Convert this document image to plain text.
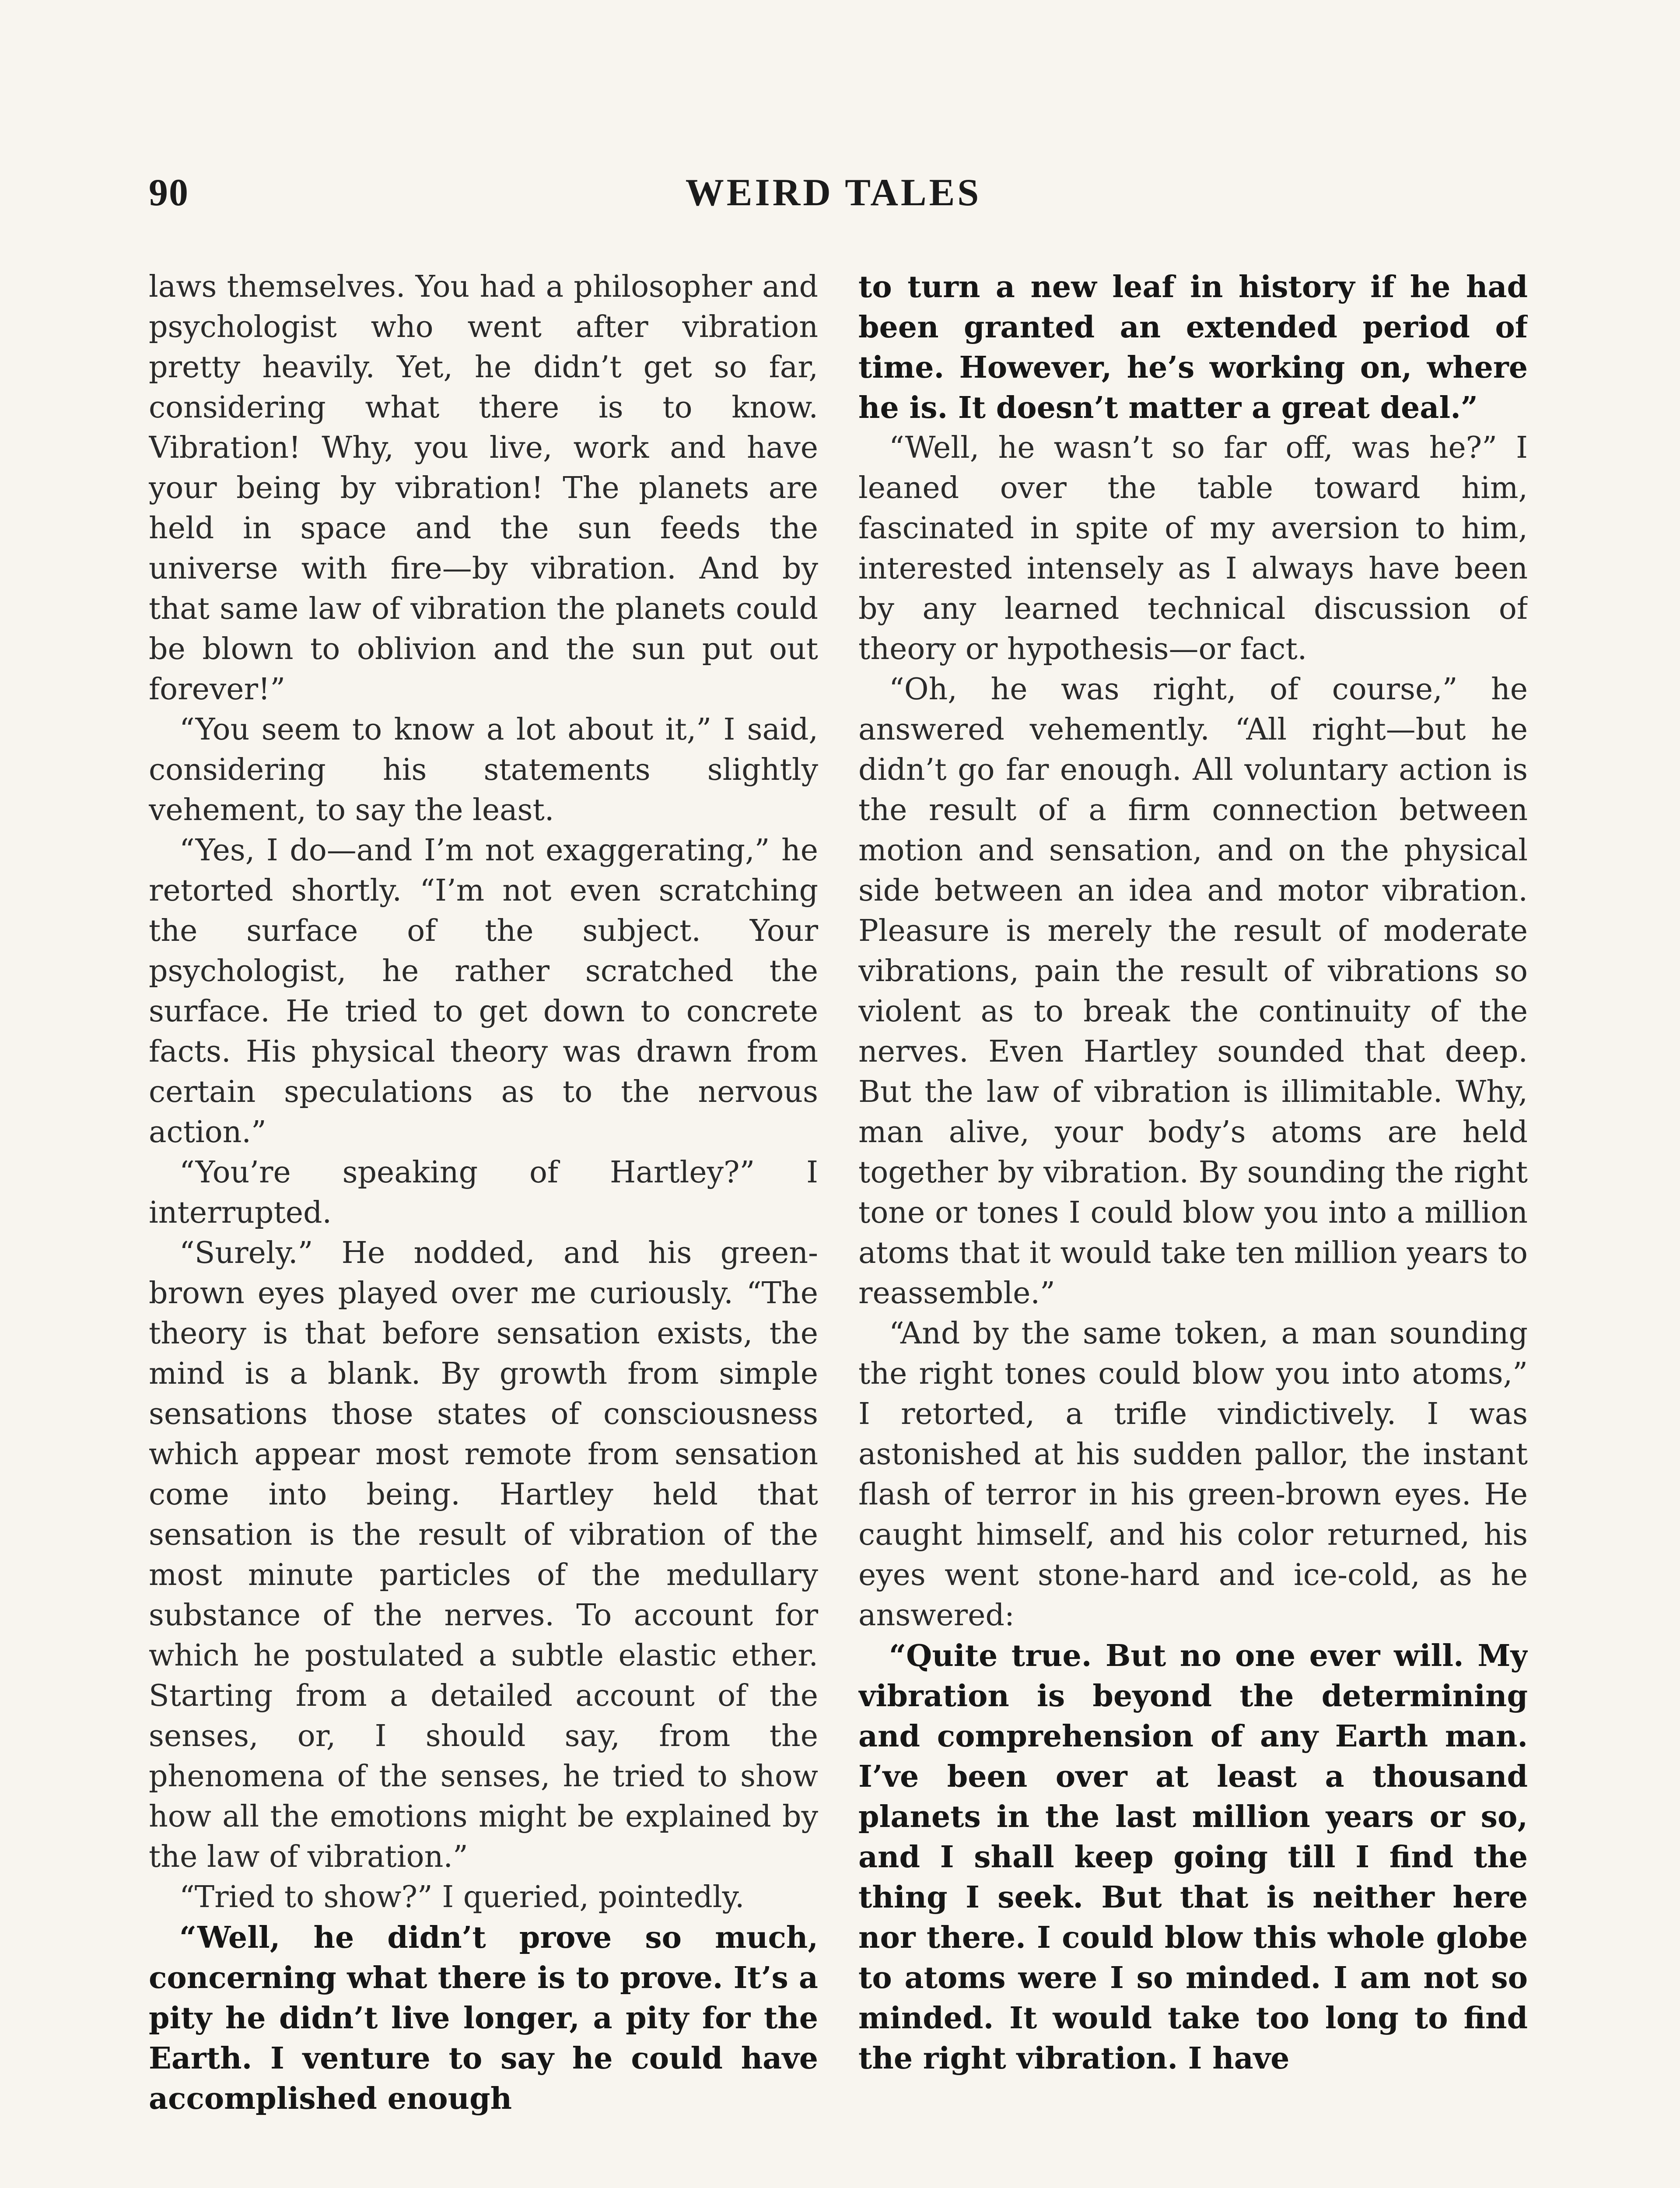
90	WEIRD TALES

laws themselves. You had a philosopher and psychologist who went after vibration pretty heavily. Yet, he didn’t get so far, considering what there is to know. Vibration! Why, you live, work and have your being by vibration! The planets are held in space and the sun feeds the universe with fire—by vibration. And by that same law of vibration the planets could be blown to oblivion and the sun put out forever!”

“You seem to know a lot about it,” I said, considering his statements slightly vehement, to say the least.

“Yes, I do—and I’m not exaggerating,” he retorted shortly. “I’m not even scratching the surface of the subject. Your psychologist, he rather scratched the surface. He tried to get down to concrete facts. His physical theory was drawn from certain speculations as to the nervous action.”

“You’re speaking of Hartley?” I interrupted.

“Surely.” He nodded, and his green-brown eyes played over me curiously. “The theory is that before sensation exists, the mind is a blank. By growth from simple sensations those states of consciousness which appear most remote from sensation come into being. Hartley held that sensation is the result of vibration of the most minute particles of the medullary substance of the nerves. To account for which he postulated a subtle elastic ether. Starting from a detailed account of the senses, or, I should say, from the phenomena of the senses, he tried to show how all the emotions might be explained by the law of vibration.”

“Tried to show?” I queried, pointedly.

“Well, he didn’t prove so much, concerning what there is to prove. It’s a pity he didn’t live longer, a pity for the Earth. I venture to say he could have accomplished enough

to turn a new leaf in history if he had been granted an extended period of time. However, he’s working on, where he is. It doesn’t matter a great deal.”

“Well, he wasn’t so far off, was he?” I leaned over the table toward him, fascinated in spite of my aversion to him, interested intensely as I always have been by any learned technical discussion of theory or hypothesis—or fact.

“Oh, he was right, of course,” he answered vehemently. “All right—but he didn’t go far enough. All voluntary action is the result of a firm connection between motion and sensation, and on the physical side between an idea and motor vibration. Pleasure is merely the result of moderate vibrations, pain the result of vibrations so violent as to break the continuity of the nerves. Even Hartley sounded that deep. But the law of vibration is illimitable. Why, man alive, your body’s atoms are held together by vibration. By sounding the right tone or tones I could blow you into a million atoms that it would take ten million years to reassemble.”

“And by the same token, a man sounding the right tones could blow you into atoms,” I retorted, a trifle vindictively. I was astonished at his sudden pallor, the instant flash of terror in his green-brown eyes. He caught himself, and his color returned, his eyes went stone-hard and ice-cold, as he answered:

“Quite true. But no one ever will. My vibration is beyond the determining and comprehension of any Earth man. I’ve been over at least a thousand planets in the last million years or so, and I shall keep going till I find the thing I seek. But that is neither here nor there. I could blow this whole globe to atoms were I so minded. I am not so minded. It would take too long to find the right vibration. I have
